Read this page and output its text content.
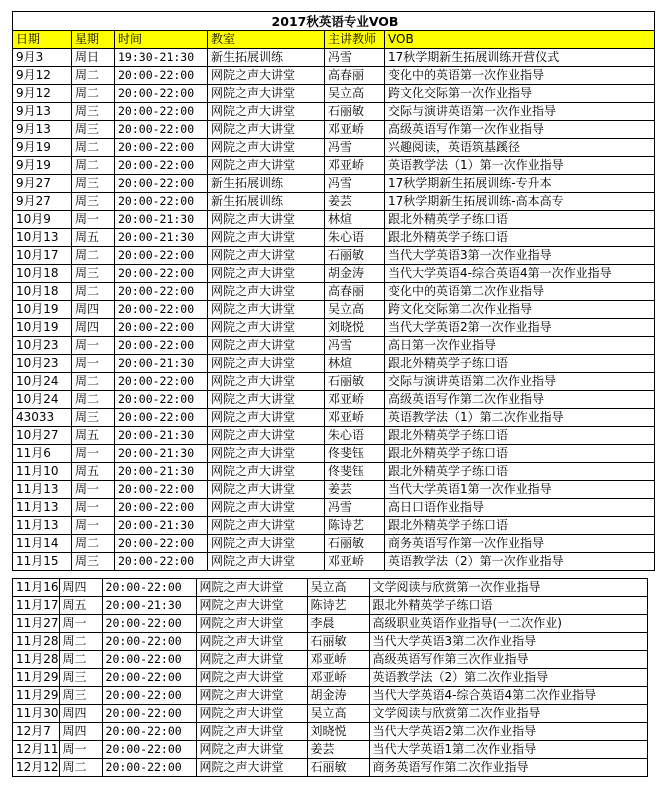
2017秋英语专业VOB					
日期	星期	时间	教室	主讲教师	VOB
9月3	周日	19:30-21:30	新生拓展训练	冯雪	17秋学期新生拓展训练开营仪式
9月12	周二	20:00-22:00	网院之声大讲堂	高春丽	变化中的英语第一次作业指导
9月12	周二	20:00-22:00	网院之声大讲堂	吴立高	跨文化交际第一次作业指导
9月13	周三	20:00-22:00	网院之声大讲堂	石丽敏	交际与演讲英语第一次作业指导
9月13	周三	20:00-22:00	网院之声大讲堂	邓亚峤	高级英语写作第一次作业指导
9月19	周二	20:00-22:00	网院之声大讲堂	冯雪	兴趣阅读，英语筑基蹊径
9月19	周二	20:00-22:00	网院之声大讲堂	邓亚峤	英语教学法（1）第一次作业指导
9月27	周三	20:00-22:00	新生拓展训练	冯雪	17秋学期新生拓展训练-专升本
9月27	周三	20:00-22:00	新生拓展训练	姜芸	17秋学期新生拓展训练-高本高专
10月9	周一	20:00-21:30	网院之声大讲堂	林煊	跟北外精英学子练口语
10月13	周五	20:00-21:30	网院之声大讲堂	朱心语	跟北外精英学子练口语
10月17	周二	20:00-22:00	网院之声大讲堂	石丽敏	当代大学英语3第一次作业指导
10月18	周三	20:00-22:00	网院之声大讲堂	胡金涛	当代大学英语4-综合英语4第一次作业指导
10月18	周二	20:00-22:00	网院之声大讲堂	高春丽	变化中的英语第二次作业指导
10月19	周四	20:00-22:00	网院之声大讲堂	吴立高	跨文化交际第二次作业指导
10月19	周四	20:00-22:00	网院之声大讲堂	刘晓悦	当代大学英语2第一次作业指导
10月23	周一	20:00-22:00	网院之声大讲堂	冯雪	高日第一次作业指导
10月23	周一	20:00-21:30	网院之声大讲堂	林煊	跟北外精英学子练口语
10月24	周二	20:00-22:00	网院之声大讲堂	石丽敏	交际与演讲英语第二次作业指导
10月24	周二	20:00-22:00	网院之声大讲堂	邓亚峤	高级英语写作第二次作业指导
43033	周三	20:00-22:00	网院之声大讲堂	邓亚峤	英语教学法（1）第二次作业指导
10月27	周五	20:00-21:30	网院之声大讲堂	朱心语	跟北外精英学子练口语
11月6	周一	20:00-21:30	网院之声大讲堂	佟斐钰	跟北外精英学子练口语
11月10	周五	20:00-21:30	网院之声大讲堂	佟斐钰	跟北外精英学子练口语
11月13	周一	20:00-22:00	网院之声大讲堂	姜芸	当代大学英语1第一次作业指导
11月13	周一	20:00-22:00	网院之声大讲堂	冯雪	高日口语作业指导
11月13	周一	20:00-21:30	网院之声大讲堂	陈诗艺	跟北外精英学子练口语
11月14	周二	20:00-22:00	网院之声大讲堂	石丽敏	商务英语写作第一次作业指导
11月15	周三	20:00-22:00	网院之声大讲堂	邓亚峤	英语教学法（2）第一次作业指导
11月16	周四	20:00-22:00	网院之声大讲堂	吴立高	文学阅读与欣赏第一次作业指导
11月17	周五	20:00-21:30	网院之声大讲堂	陈诗艺	跟北外精英学子练口语
11月27	周一	20:00-22:00	网院之声大讲堂	李晨	高级职业英语作业指导(一二次作业)
11月28	周二	20:00-22:00	网院之声大讲堂	石丽敏	当代大学英语3第二次作业指导
11月28	周二	20:00-22:00	网院之声大讲堂	邓亚峤	高级英语写作第三次作业指导
11月29	周三	20:00-22:00	网院之声大讲堂	邓亚峤	英语教学法（2）第二次作业指导
11月29	周三	20:00-22:00	网院之声大讲堂	胡金涛	当代大学英语4-综合英语4第二次作业指导
11月30	周四	20:00-22:00	网院之声大讲堂	吴立高	文学阅读与欣赏第二次作业指导
12月7	周四	20:00-22:00	网院之声大讲堂	刘晓悦	当代大学英语2第二次作业指导
12月11	周一	20:00-22:00	网院之声大讲堂	姜芸	当代大学英语1第二次作业指导
12月12	周二	20:00-22:00	网院之声大讲堂	石丽敏	商务英语写作第二次作业指导
